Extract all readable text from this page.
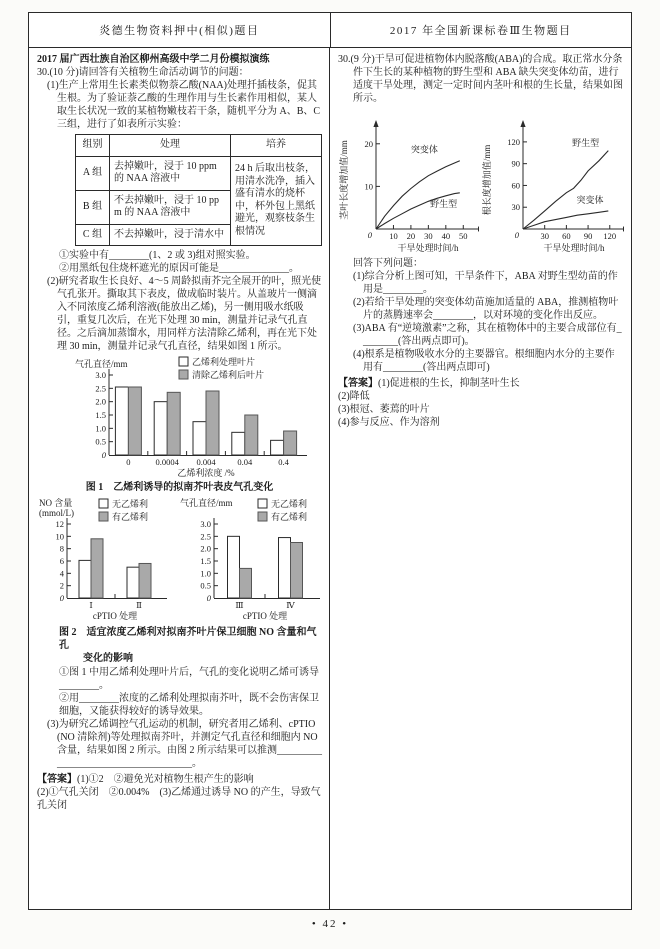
炎德生物资料押中(相似)题目	2017 年全国新课标卷Ⅲ生物题目
2017 届广西壮族自治区柳州高级中学二月份模拟演练
30.(10 分)请回答有关植物生命活动调节的问题：
(1)生产上常用生长素类似物萘乙酸(NAA)处理扦插枝条，促其生根。为了验证萘乙酸的生理作用与生长素作用相似，某人取生长状况一致的某植物嫩枝若干条，随机平分为 A、B、C 三组，进行了如表所示实验：
组别	处理	培养
A 组	去掉嫩叶，浸于 10 ppm 的 NAA 溶液中	24 h 后取出枝条，用清水洗净，插入盛有清水的烧杯中，杯外包上黑纸避光，观察枝条生根情况
B 组	不去掉嫩叶，浸于 10 ppm 的 NAA 溶液中	
C 组	不去掉嫩叶，浸于清水中	
①实验中有________(1、2 或 3)组对照实验。
②用黑纸包住烧杯遮光的原因可能是______________。
(2)研究者取生长良好、4～5 周龄拟南芥完全展开的叶，照光使气孔张开。撕取其下表皮，做成临时装片。从盖玻片一侧滴入不同浓度乙烯利溶液(能放出乙烯)，另一侧用吸水纸吸引，重复几次后，在光下处理 30 min，测量并记录气孔直径。之后滴加蒸馏水，用同样方法清除乙烯利，再在光下处理 30 min，测量并记录气孔直径，结果如图 1 所示。
0
0.5
1.0
1.5
2.0
2.5
3.0
0	0.0004 0.004	0.04	0.4
气孔直径/mm
乙烯利浓度 /%
乙烯利处理叶片
清除乙烯利后叶片
图 1　乙烯利诱导的拟南芥叶表皮气孔变化
0
2
4
6
8
10
12
Ⅰ	Ⅱ
NO 含量
(mmol/L)
cPTIO 处理
无乙烯利
有乙烯利
0
0.5
1.0
1.5
2.0
2.5
3.0
Ⅲ	Ⅳ
气孔直径/mm
cPTIO 处理
无乙烯利
有乙烯利
图 2　适宜浓度乙烯利对拟南芥叶片保卫细胞 NO 含量和气孔
变化的影响
①图 1 中用乙烯利处理叶片后，气孔的变化说明乙烯可诱导________。
②用________浓度的乙烯利处理拟南芥叶，既不会伤害保卫细胞，又能获得较好的诱导效果。
(3)为研究乙烯调控气孔运动的机制，研究者用乙烯利、cPTIO(NO 清除剂)等处理拟南芥叶，并测定气孔直径和细胞内 NO 含量，结果如图 2 所示。由图 2 所示结果可以推测____________________________________。
【答案】(1)①2　②避免光对植物生根产生的影响
(2)①气孔关闭　②0.004%　(3)乙烯通过诱导 NO 的产生，导致气孔关闭
30.(9 分)干旱可促进植物体内脱落酸(ABA)的合成。取正常水分条件下生长的某种植物的野生型和 ABA 缺失突变体幼苗，进行适度干旱处理，测定一定时间内茎叶和根的生长量，结果如图所示。
10 20 30 40 50
10
20
0
突变体
野生型
茎叶长度增加值/mm
干旱处理时间/h
30 60 90 120
30
60
90
120
0
野生型
突变体
根长度增加值/mm
干旱处理时间/h
回答下列问题：
(1)综合分析上图可知，干旱条件下，ABA 对野生型幼苗的作用是________。
(2)若给干旱处理的突变体幼苗施加适量的 ABA，推测植物叶片的蒸腾速率会________，以对环境的变化作出反应。
(3)ABA 有“逆境激素”之称，其在植物体中的主要合成部位有________(答出两点即可)。
(4)根系是植物吸收水分的主要器官。根细胞内水分的主要作用有________(答出两点即可)
【答案】(1)促进根的生长，抑制茎叶生长
(2)降低
(3)根冠、萎蔫的叶片
(4)参与反应、作为溶剂
• 42 •
